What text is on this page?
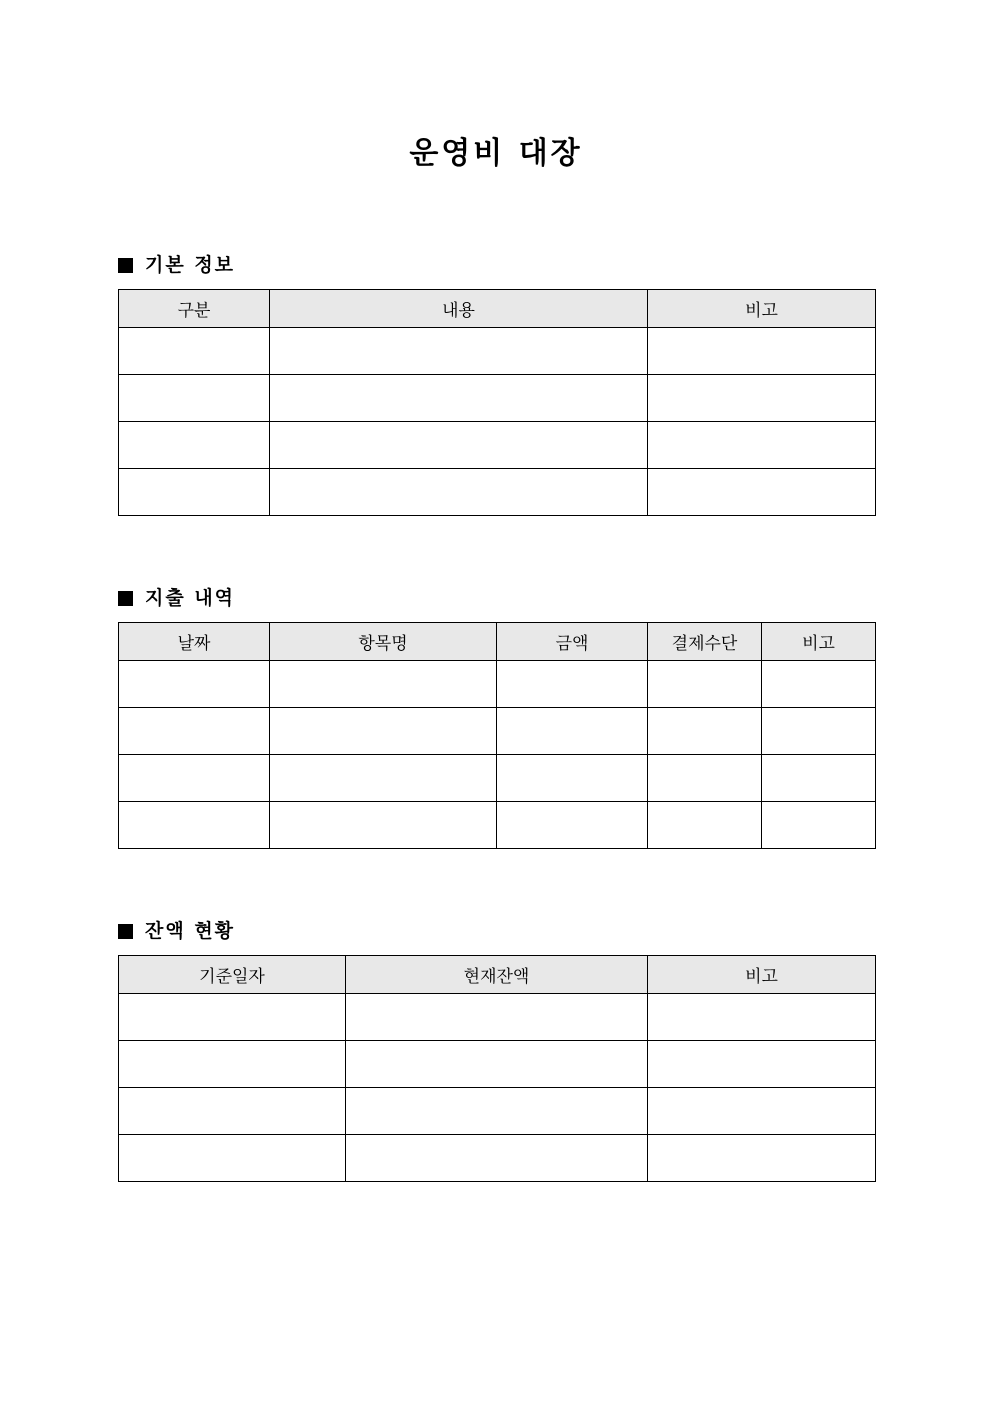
운영비 대장
기본 정보
구분	내용	비고

지출 내역
날짜	항목명	금액	결제수단	비고

잔액 현황
기준일자	현재잔액	비고
